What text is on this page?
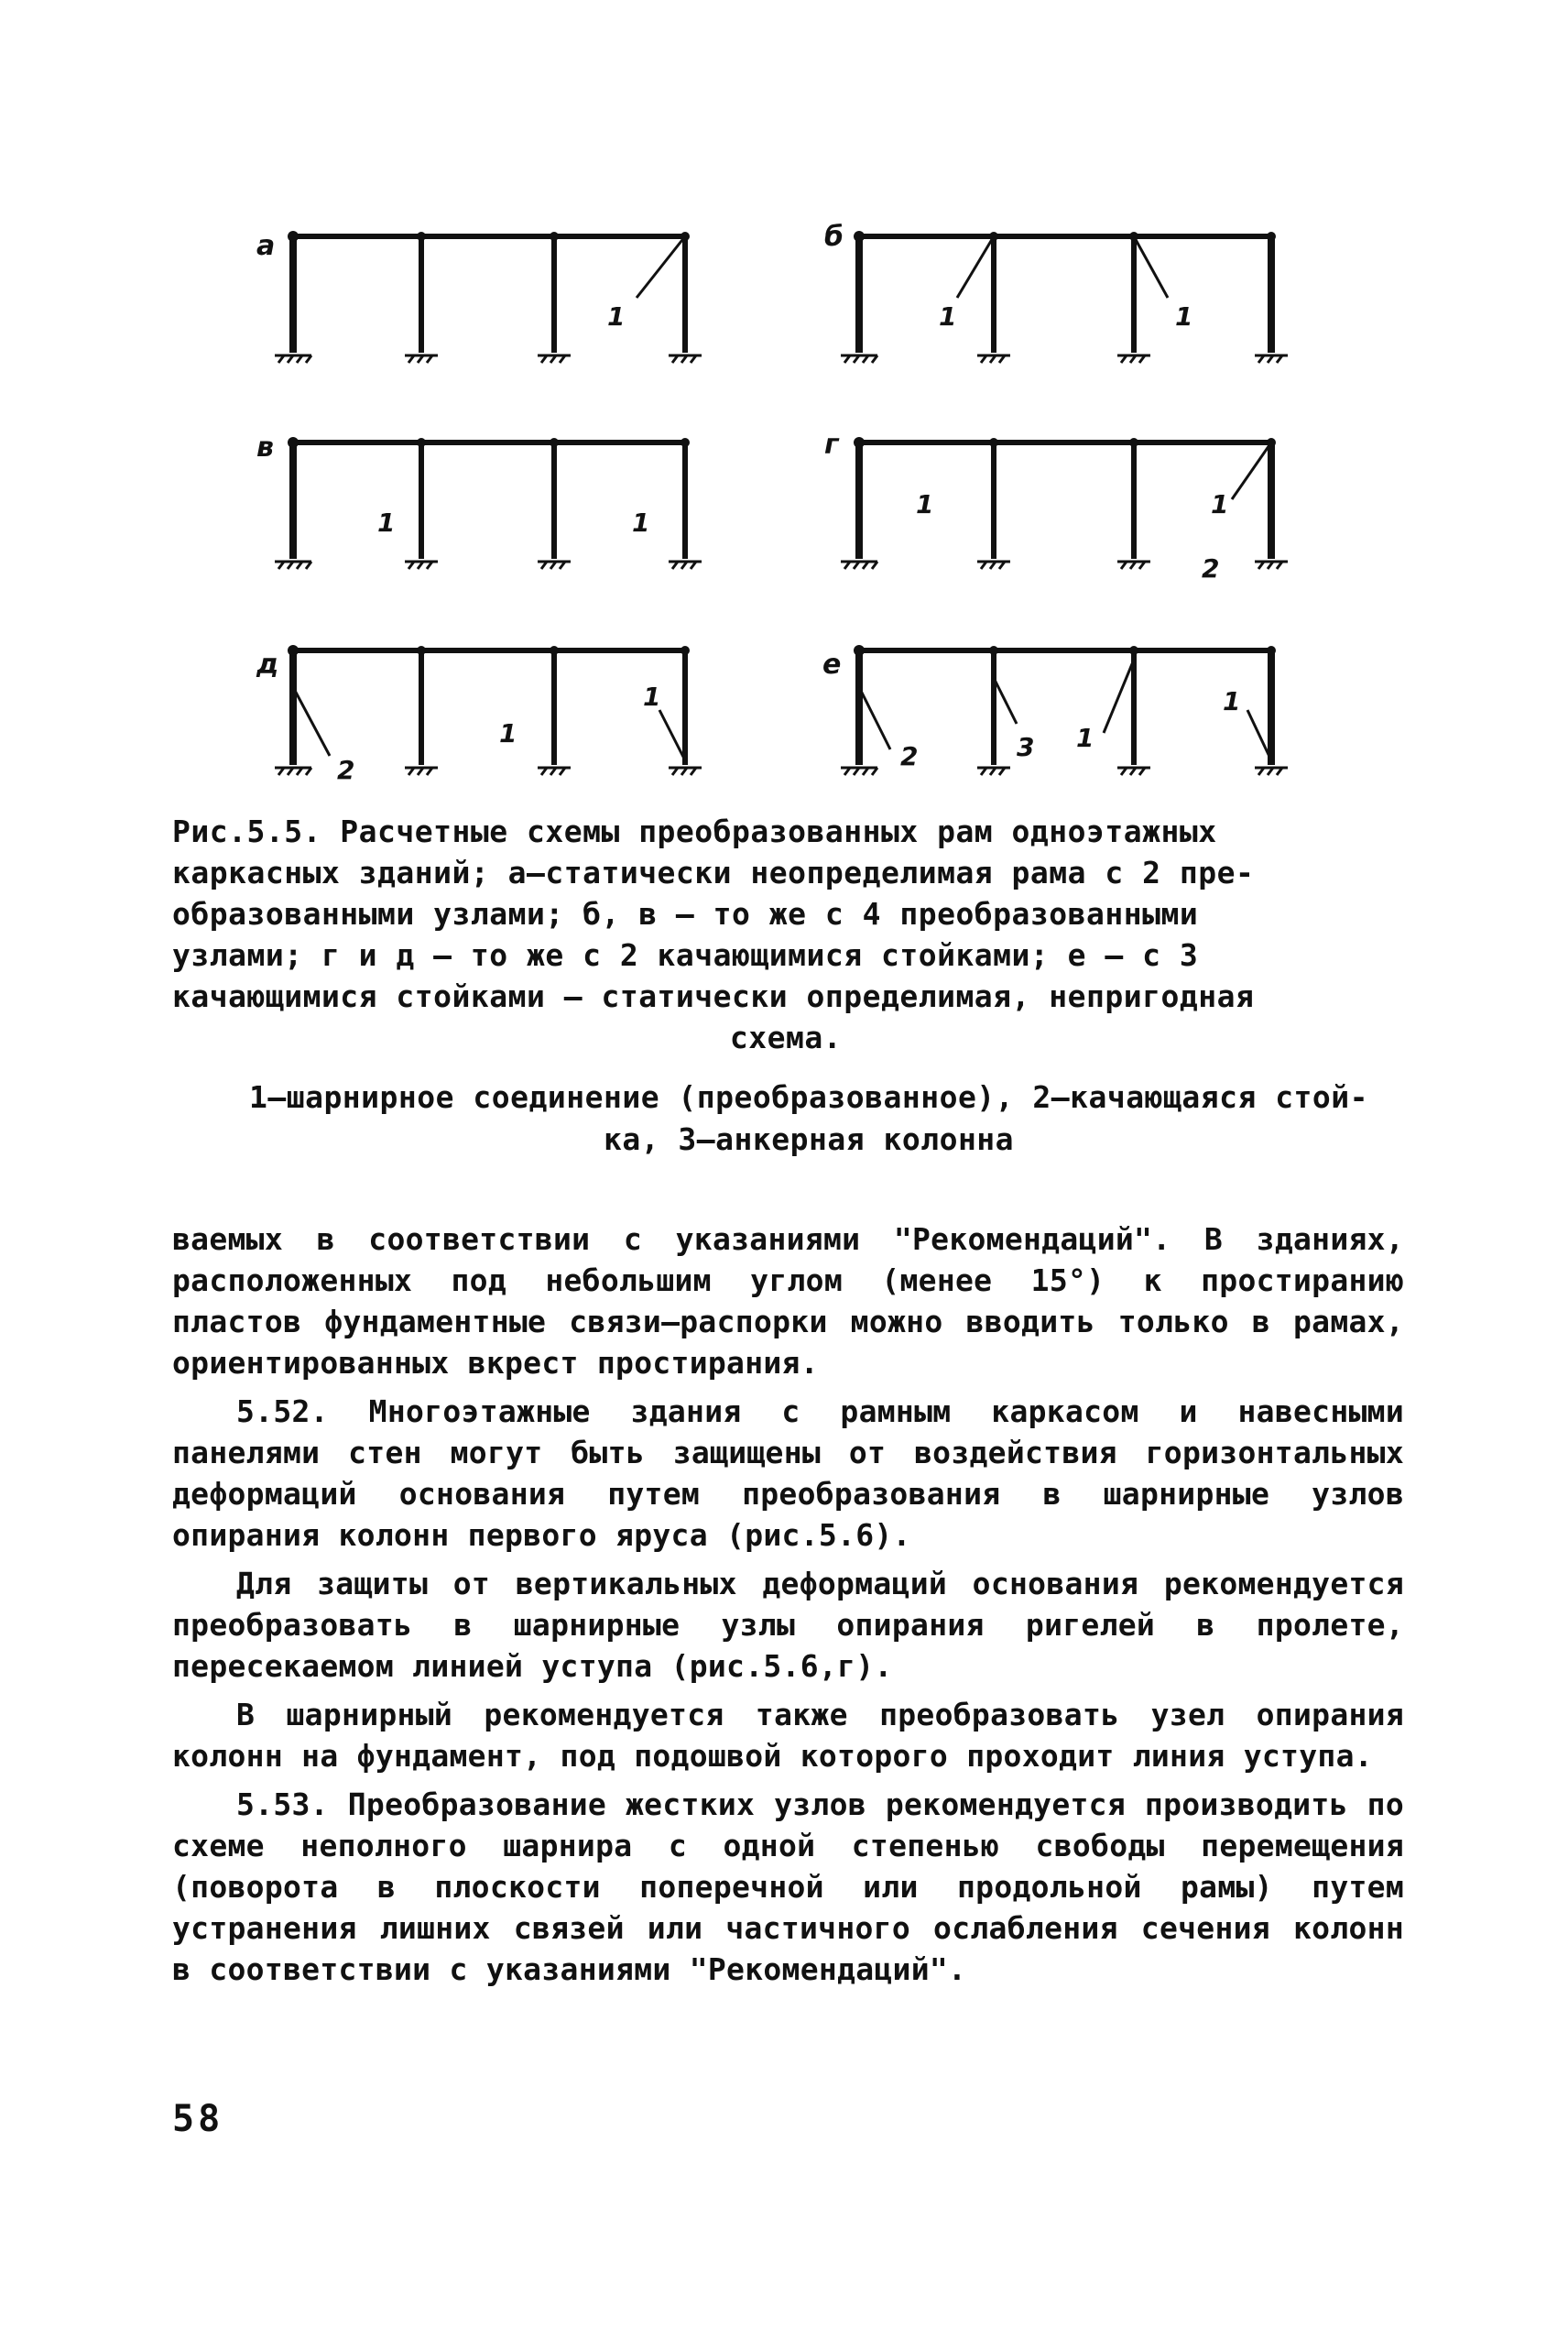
а	б
в	г
д	е
1	1	1
1	1
1	1
2
2
1
1
2	3 1
1
Рис.5.5. Расчетные схемы преобразованных рам одноэтажных
каркасных зданий; а–статически неопределимая рама с 2 пре-
образованными узлами; б, в – то же с 4 преобразованными
узлами; г и д – то же с 2 качающимися стойками; е – с 3
качающимися стойками – статически определимая, непригодная
схема.
1–шарнирное соединение (преобразованное), 2–качающаяся стой-
ка, 3–анкерная колонна

ваемых в соответствии с указаниями "Рекомендаций". В зданиях, расположенных под небольшим углом (менее 15°) к простиранию пластов фундаментные связи–распорки можно вводить только в рамах, ориентированных вкрест простирания.

5.52. Многоэтажные здания с рамным каркасом и навесными панелями стен могут быть защищены от воздействия горизонтальных деформаций основания путем преобразования в шарнирные узлов опирания колонн первого яруса (рис.5.6).

Для защиты от вертикальных деформаций основания рекомендуется преобразовать в шарнирные узлы опирания ригелей в пролете, пересекаемом линией уступа (рис.5.6,г).

В шарнирный рекомендуется также преобразовать узел опирания колонн на фундамент, под подошвой которого проходит линия уступа.

5.53. Преобразование жестких узлов рекомендуется производить по схеме неполного шарнира с одной степенью свободы перемещения (поворота в плоскости поперечной или продольной рамы) путем устранения лишних связей или частичного ослабления сечения колонн в соответствии с указаниями "Рекомендаций".

58
